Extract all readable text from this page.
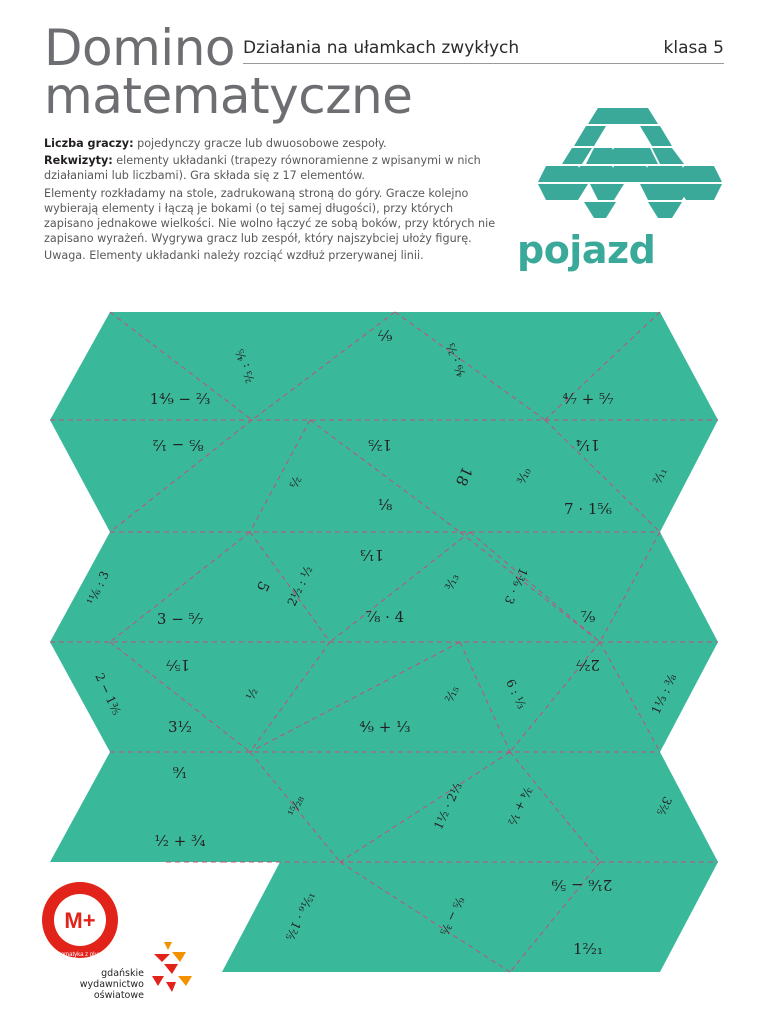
Domino
matematyczne
Działania na ułamkach zwykłych	klasa 5

Liczba graczy: pojedynczy gracze lub dwuosobowe zespoły.

Rekwizyty: elementy układanki (trapezy równoramienne z wpisanymi w nich działaniami lub liczbami). Gra składa się z 17 elementów.

Elementy rozkładamy na stole, zadrukowaną stroną do góry. Gracze kolejno wybierają elementy i łączą je bokami (o tej samej długości), przy których zapisano jednakowe wielkości. Nie wolno łączyć ze sobą boków, przy których nie zapisano wyrażeń. Wygrywa gracz lub zespół, który najszybciej ułoży figurę.

Uwaga. Elementy układanki należy rozciąć wzdłuż przerywanej linii.	pojazd
1⁴⁄₉ − ²⁄₃
⁶⁄₇
⁴⁄₇ + ⁵⁄₇
²⁄₃ : ⁴⁄₅	⁴⁄₉ : ²⁄₃
⁸⁄₅ − ¹⁄₂	1²⁄₅
¹⁄₈
1¹⁄₄
7 · 1⁵⁄₆
²⁄₃	18	³⁄₁₀	²⁄₁₁
3 − ⁵⁄₇
1¹⁄₃
⁷⁄₈ · 4	⁷⁄₉
¹¹⁄₆ : 3	5 2¹⁄₂ : ¹⁄₂	³⁄₁₃	1³⁄₉ · 3
1⁵⁄₇
3¹⁄₂	⁴⁄₉ + ¹⁄₃
2²⁄₇
2 − 1³⁄₅	¹⁄₂	²⁄₁₅	6 : ¹⁄₃	1¹⁄₃ : ³⁄₈
⁹⁄₁
¹⁄₂ + ³⁄₄
¹⁵⁄₂₈	1¹⁄₂ · 2¹⁄₃	³⁄₄ + ¹⁄₂	3²⁄₅
2¹⁄₆ − ⁵⁄₉
1²⁄₂₁
⁶⁄₅ − ³⁄₅
¹⁵⁄₁₆ · 1²⁄₅
M+
matematyka z plusem
gdańskie
wydawnictwo
oświatowe
